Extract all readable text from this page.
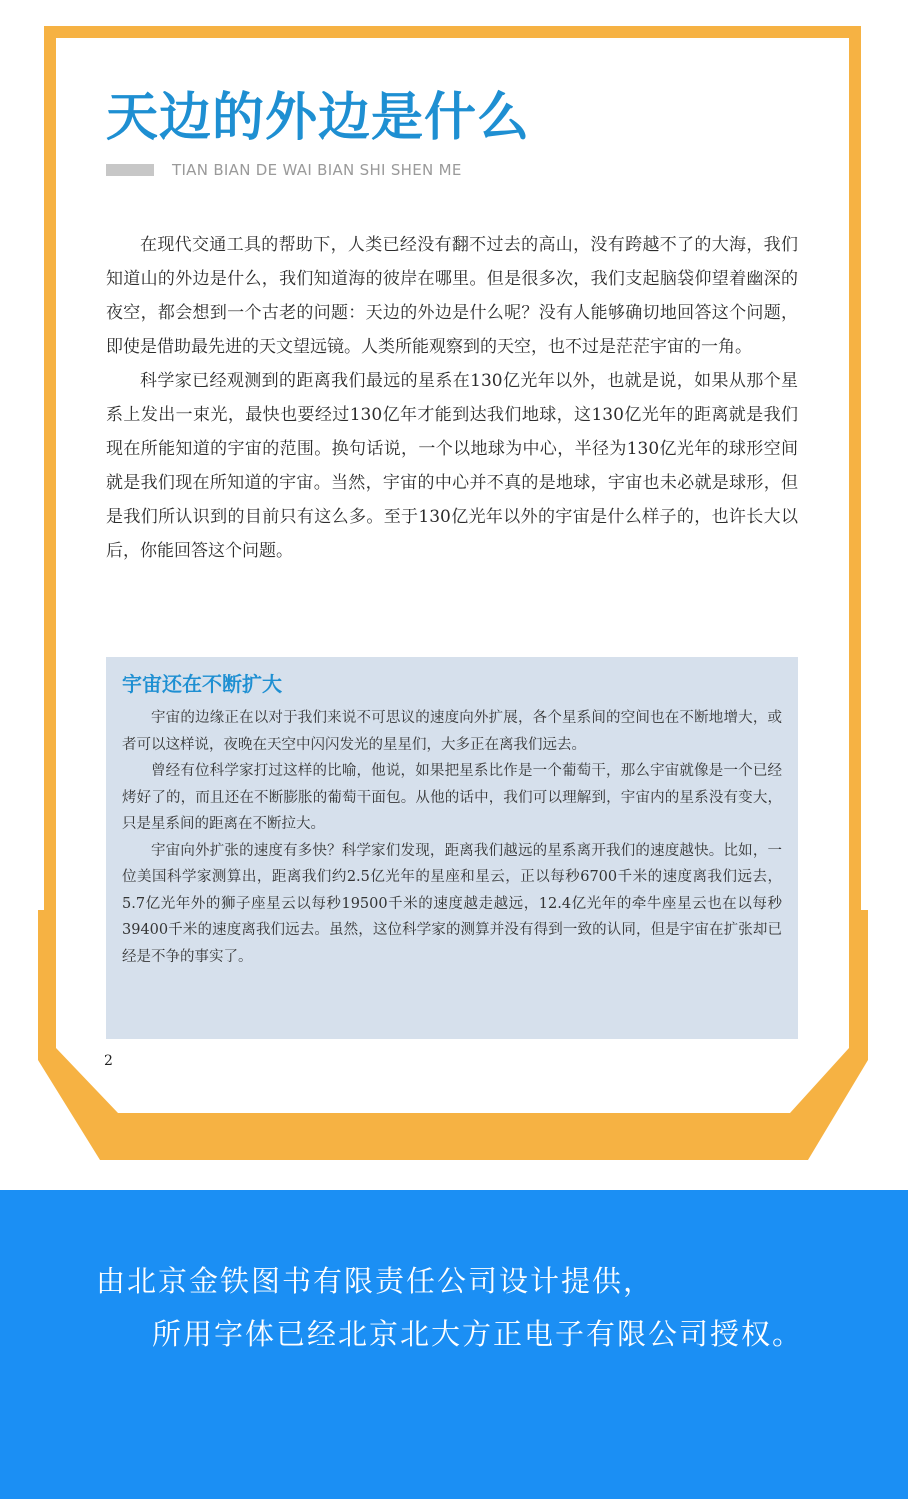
天边的外边是什么
TIAN BIAN DE WAI BIAN SHI SHEN ME

在现代交通工具的帮助下，人类已经没有翻不过去的高山，没有跨越不了的大海，我们知道山的外边是什么，我们知道海的彼岸在哪里。但是很多次，我们支起脑袋仰望着幽深的夜空，都会想到一个古老的问题：天边的外边是什么呢？没有人能够确切地回答这个问题，即使是借助最先进的天文望远镜。人类所能观察到的天空，也不过是茫茫宇宙的一角。

科学家已经观测到的距离我们最远的星系在130亿光年以外，也就是说，如果从那个星系上发出一束光，最快也要经过130亿年才能到达我们地球，这130亿光年的距离就是我们现在所能知道的宇宙的范围。换句话说，一个以地球为中心，半径为130亿光年的球形空间就是我们现在所知道的宇宙。当然，宇宙的中心并不真的是地球，宇宙也未必就是球形，但是我们所认识到的目前只有这么多。至于130亿光年以外的宇宙是什么样子的，也许长大以后，你能回答这个问题。

宇宙还在不断扩大

宇宙的边缘正在以对于我们来说不可思议的速度向外扩展，各个星系间的空间也在不断地增大，或者可以这样说，夜晚在天空中闪闪发光的星星们，大多正在离我们远去。

曾经有位科学家打过这样的比喻，他说，如果把星系比作是一个葡萄干，那么宇宙就像是一个已经烤好了的，而且还在不断膨胀的葡萄干面包。从他的话中，我们可以理解到，宇宙内的星系没有变大，只是星系间的距离在不断拉大。

宇宙向外扩张的速度有多快？科学家们发现，距离我们越远的星系离开我们的速度越快。比如，一位美国科学家测算出，距离我们约2.5亿光年的星座和星云，正以每秒6700千米的速度离我们远去，5.7亿光年外的狮子座星云以每秒19500千米的速度越走越远，12.4亿光年的牵牛座星云也在以每秒39400千米的速度离我们远去。虽然，这位科学家的测算并没有得到一致的认同，但是宇宙在扩张却已经是不争的事实了。

2
由北京金铁图书有限责任公司设计提供，
所用字体已经北京北大方正电子有限公司授权。
